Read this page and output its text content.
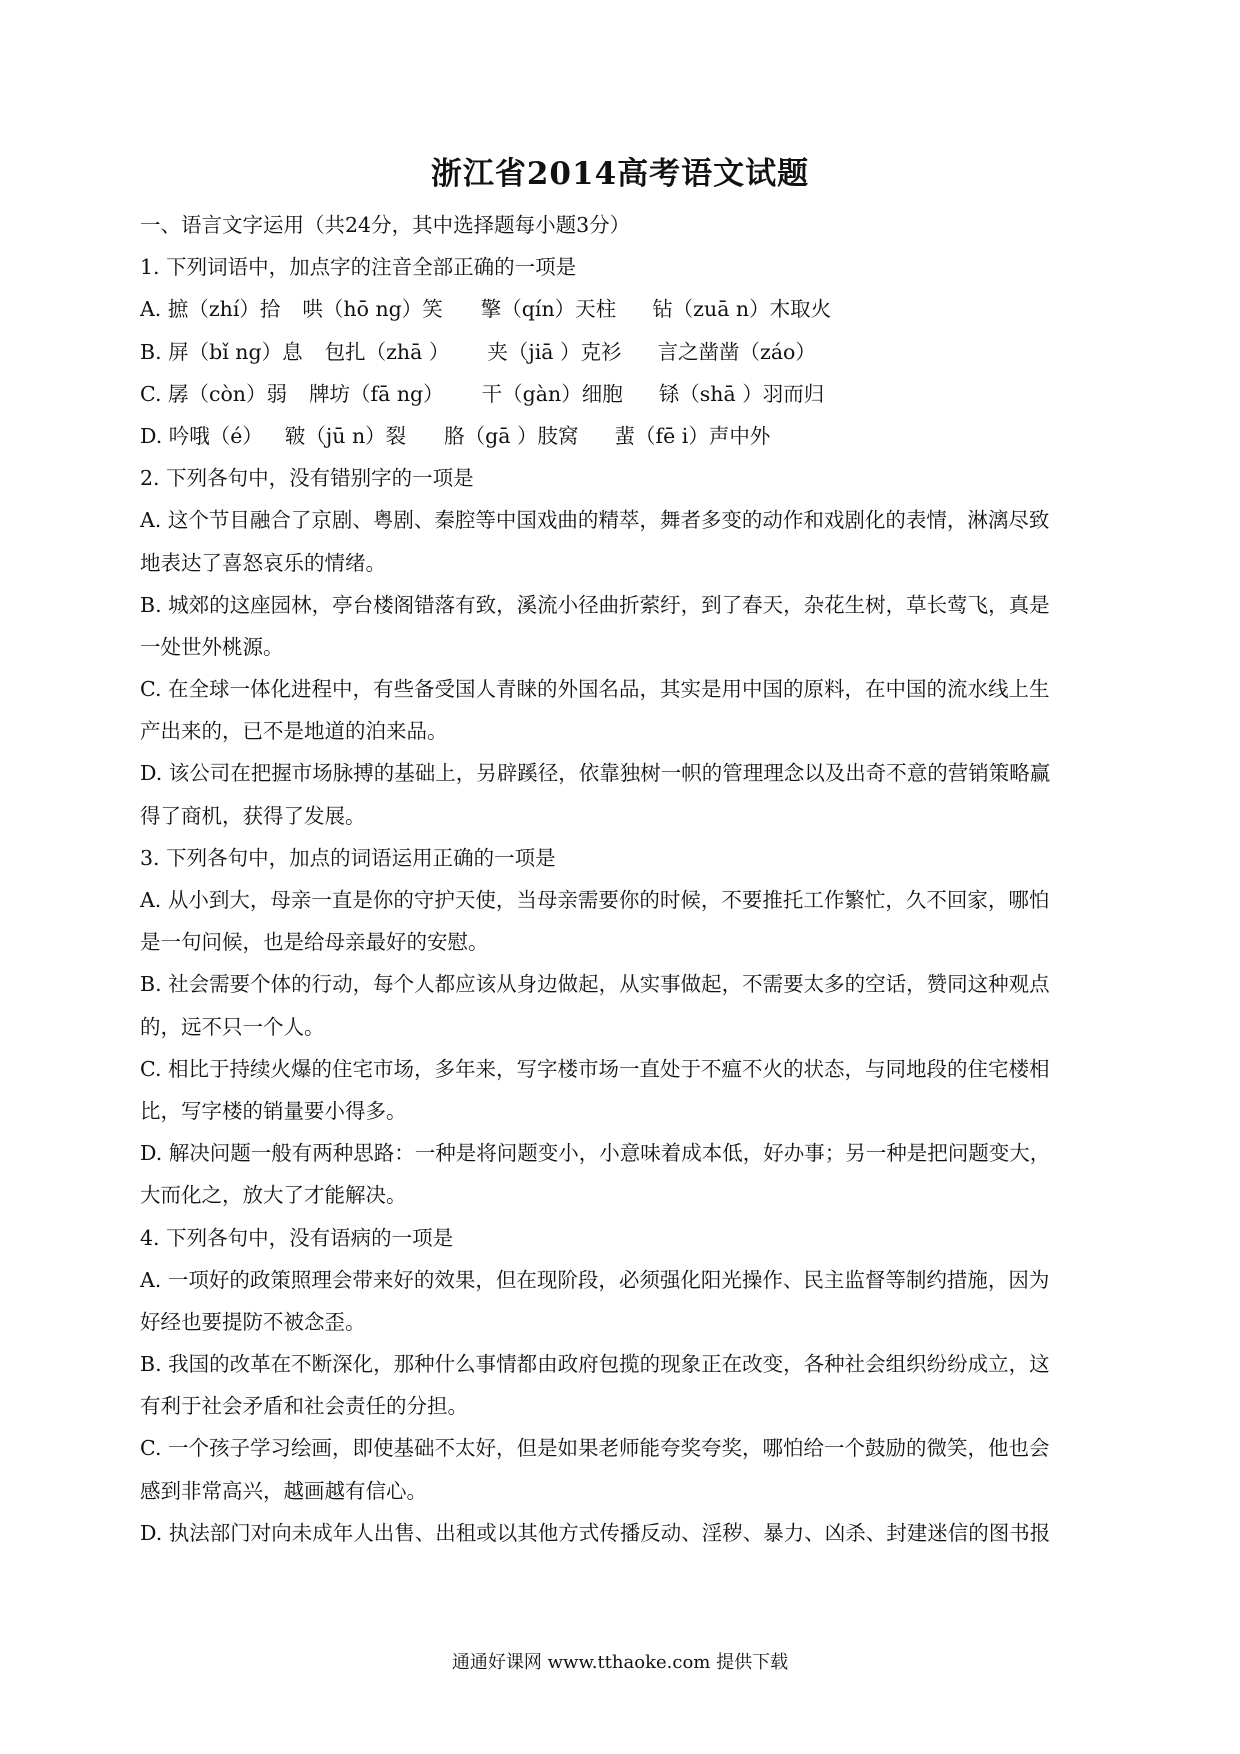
浙江省2014高考语文试题
一、语言文字运用（共24分，其中选择题每小题3分）
1. 下列词语中，加点字的注音全部正确的一项是
A. 摭（zhí）拾 哄（hō ng）笑 擎（qín）天柱 钻（zuā n）木取火
B. 屏（bǐ ng）息 包扎（zhā ） 夹（jiā ）克衫 言之凿凿（záo）
C. 孱（còn）弱 牌坊（fā ng） 干（gàn）细胞 铩（shā ）羽而归
D. 吟哦（é） 皲（jū n）裂 胳（gā ）肢窝 蜚（fē i）声中外
2. 下列各句中，没有错别字的一项是
A. 这个节目融合了京剧、粤剧、秦腔等中国戏曲的精萃，舞者多变的动作和戏剧化的表情，淋漓尽致
地表达了喜怒哀乐的情绪。
B. 城郊的这座园林，亭台楼阁错落有致，溪流小径曲折萦纡，到了春天，杂花生树，草长莺飞，真是
一处世外桃源。
C. 在全球一体化进程中，有些备受国人青睐的外国名品，其实是用中国的原料，在中国的流水线上生
产出来的，已不是地道的泊来品。
D. 该公司在把握市场脉搏的基础上，另辟蹊径，依靠独树一帜的管理理念以及出奇不意的营销策略赢
得了商机，获得了发展。
3. 下列各句中，加点的词语运用正确的一项是
A. 从小到大，母亲一直是你的守护天使，当母亲需要你的时候，不要推托工作繁忙，久不回家，哪怕
是一句问候，也是给母亲最好的安慰。
B. 社会需要个体的行动，每个人都应该从身边做起，从实事做起，不需要太多的空话，赞同这种观点
的，远不只一个人。
C. 相比于持续火爆的住宅市场，多年来，写字楼市场一直处于不瘟不火的状态，与同地段的住宅楼相
比，写字楼的销量要小得多。
D. 解决问题一般有两种思路：一种是将问题变小，小意味着成本低，好办事；另一种是把问题变大，
大而化之，放大了才能解决。
4. 下列各句中，没有语病的一项是
A. 一项好的政策照理会带来好的效果，但在现阶段，必须强化阳光操作、民主监督等制约措施，因为
好经也要提防不被念歪。
B. 我国的改革在不断深化，那种什么事情都由政府包揽的现象正在改变，各种社会组织纷纷成立，这
有利于社会矛盾和社会责任的分担。
C. 一个孩子学习绘画，即使基础不太好，但是如果老师能夸奖夸奖，哪怕给一个鼓励的微笑，他也会
感到非常高兴，越画越有信心。
D. 执法部门对向未成年人出售、出租或以其他方式传播反动、淫秽、暴力、凶杀、封建迷信的图书报
通通好课网 www.tthaoke.com 提供下载
